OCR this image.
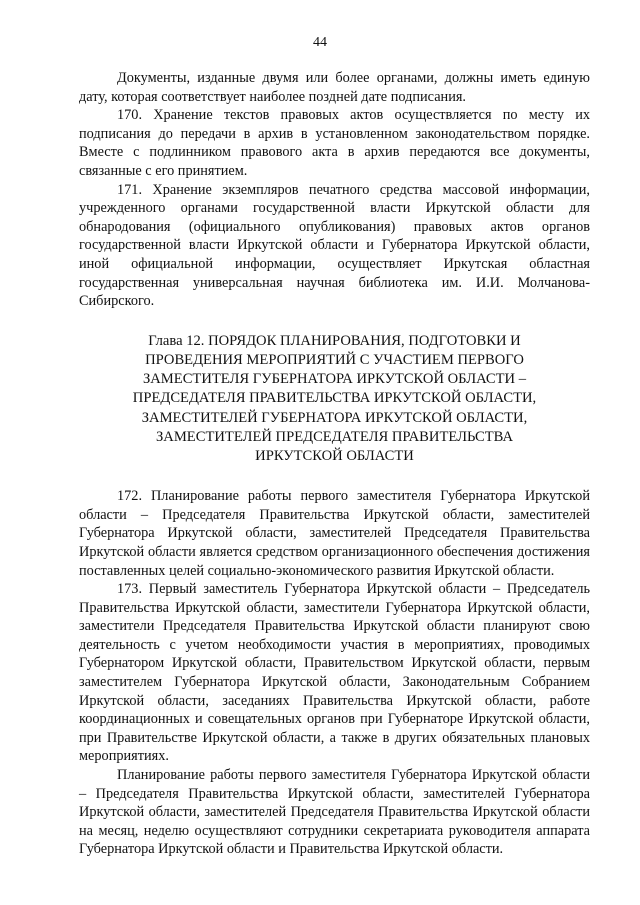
44

Документы, изданные двумя или более органами, должны иметь единую дату, которая соответствует наиболее поздней дате подписания.

170. Хранение текстов правовых актов осуществляется по месту их подписания до передачи в архив в установленном законодательством порядке. Вместе с подлинником правового акта в архив передаются все документы, связанные с его принятием.

171. Хранение экземпляров печатного средства массовой информации, учрежденного органами государственной власти Иркутской области для обнародования (официального опубликования) правовых актов органов государственной власти Иркутской области и Губернатора Иркутской области, иной официальной информации, осуществляет Иркутская областная государственная универсальная научная библиотека им. И.И. Молчанова-Сибирского.

Глава 12. ПОРЯДОК ПЛАНИРОВАНИЯ, ПОДГОТОВКИ И
ПРОВЕДЕНИЯ МЕРОПРИЯТИЙ С УЧАСТИЕМ ПЕРВОГО
ЗАМЕСТИТЕЛЯ ГУБЕРНАТОРА ИРКУТСКОЙ ОБЛАСТИ –
ПРЕДСЕДАТЕЛЯ ПРАВИТЕЛЬСТВА ИРКУТСКОЙ ОБЛАСТИ,
ЗАМЕСТИТЕЛЕЙ ГУБЕРНАТОРА ИРКУТСКОЙ ОБЛАСТИ,
ЗАМЕСТИТЕЛЕЙ ПРЕДСЕДАТЕЛЯ ПРАВИТЕЛЬСТВА
ИРКУТСКОЙ ОБЛАСТИ

172. Планирование работы первого заместителя Губернатора Иркутской области – Председателя Правительства Иркутской области, заместителей Губернатора Иркутской области, заместителей Председателя Правительства Иркутской области является средством организационного обеспечения достижения поставленных целей социально-экономического развития Иркутской области.

173. Первый заместитель Губернатора Иркутской области – Председатель Правительства Иркутской области, заместители Губернатора Иркутской области, заместители Председателя Правительства Иркутской области планируют свою деятельность с учетом необходимости участия в мероприятиях, проводимых Губернатором Иркутской области, Правительством Иркутской области, первым заместителем Губернатора Иркутской области, Законодательным Собранием Иркутской области, заседаниях Правительства Иркутской области, работе координационных и совещательных органов при Губернаторе Иркутской области, при Правительстве Иркутской области, а также в других обязательных плановых мероприятиях.

Планирование работы первого заместителя Губернатора Иркутской области – Председателя Правительства Иркутской области, заместителей Губернатора Иркутской области, заместителей Председателя Правительства Иркутской области на месяц, неделю осуществляют сотрудники секретариата руководителя аппарата Губернатора Иркутской области и Правительства Иркутской области.
